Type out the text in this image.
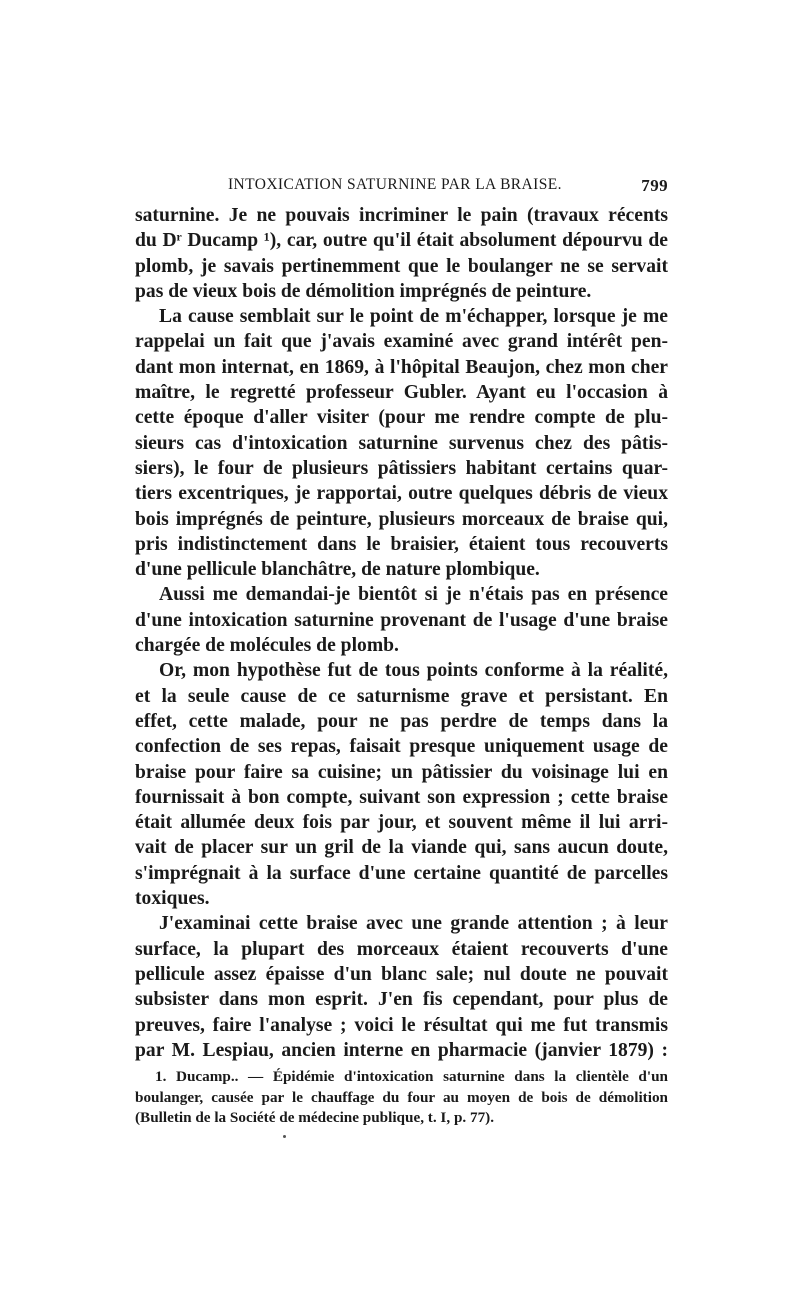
INTOXICATION SATURNINE PAR LA BRAISE.	799
saturnine. Je ne pouvais incriminer le pain (travaux récents
du Dʳ Ducamp ¹), car, outre qu'il était absolument dépourvu de
plomb, je savais pertinemment que le boulanger ne se servait
pas de vieux bois de démolition imprégnés de peinture.
La cause semblait sur le point de m'échapper, lorsque je me
rappelai un fait que j'avais examiné avec grand intérêt pen-
dant mon internat, en 1869, à l'hôpital Beaujon, chez mon cher
maître, le regretté professeur Gubler. Ayant eu l'occasion à
cette époque d'aller visiter (pour me rendre compte de plu-
sieurs cas d'intoxication saturnine survenus chez des pâtis-
siers), le four de plusieurs pâtissiers habitant certains quar-
tiers excentriques, je rapportai, outre quelques débris de vieux
bois imprégnés de peinture, plusieurs morceaux de braise qui,
pris indistinctement dans le braisier, étaient tous recouverts
d'une pellicule blanchâtre, de nature plombique.
Aussi me demandai-je bientôt si je n'étais pas en présence
d'une intoxication saturnine provenant de l'usage d'une braise
chargée de molécules de plomb.
Or, mon hypothèse fut de tous points conforme à la réalité,
et la seule cause de ce saturnisme grave et persistant. En
effet, cette malade, pour ne pas perdre de temps dans la
confection de ses repas, faisait presque uniquement usage de
braise pour faire sa cuisine; un pâtissier du voisinage lui en
fournissait à bon compte, suivant son expression ; cette braise
était allumée deux fois par jour, et souvent même il lui arri-
vait de placer sur un gril de la viande qui, sans aucun doute,
s'imprégnait à la surface d'une certaine quantité de parcelles
toxiques.
J'examinai cette braise avec une grande attention ; à leur
surface, la plupart des morceaux étaient recouverts d'une
pellicule assez épaisse d'un blanc sale; nul doute ne pouvait
subsister dans mon esprit. J'en fis cependant, pour plus de
preuves, faire l'analyse ; voici le résultat qui me fut transmis
par M. Lespiau, ancien interne en pharmacie (janvier 1879) :
1. Ducamp.. — Épidémie d'intoxication saturnine dans la clientèle d'un
boulanger, causée par le chauffage du four au moyen de bois de démolition
(Bulletin de la Société de médecine publique, t. I, p. 77).
